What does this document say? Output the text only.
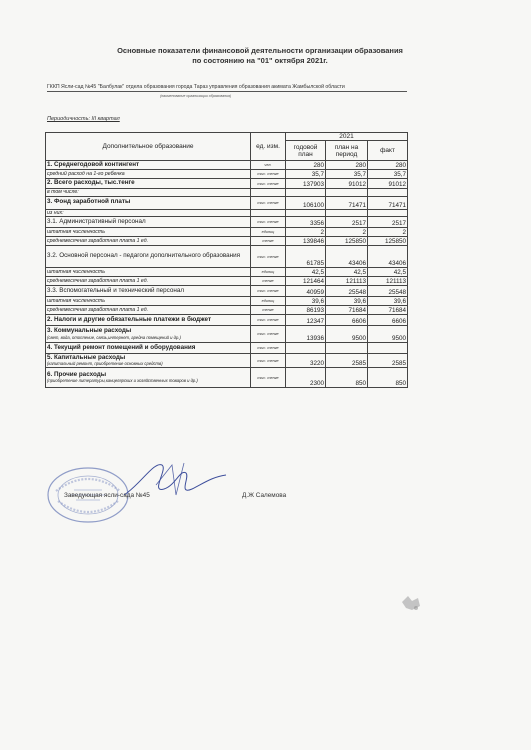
Основные показатели финансовой деятельности организации образования
по состоянию на "01" октября 2021г.
ГККП Ясли-сад №45 "Балбулак" отдела образования города Тараз управления образования акимата Жамбылской области
(наименование организации образования)
Периодичность: III квартал
Дополнительное образование	ед. изм.	2021		
		годовой план	план на период	факт
1. Среднегодовой контингент	чел.	280	280	280
средний расход на 1-го ребенка	тыс. тенге	35,7	35,7	35,7
2. Всего расходы, тыс.тенге	тыс. тенге	137903	91012	91012
в том числе:				
3. Фонд заработной платы	тыс. тенге	106100	71471	71471
из них:				
3.1. Административный персонал	тыс. тенге	3356	2517	2517
штатная численность	единиц	2	2	2
среднемесячная заработная плата 1 ед.	тенге	139846	125850	125850
3.2. Основной персонал - педагоги дополнительного образования	тыс. тенге	61785	43406	43406
штатная численность	единиц	42,5	42,5	42,5
среднемесячная заработная плата 1 ед.	тенге	121464	121113	121113
3.3. Вспомогательный и технический персонал	тыс. тенге	40959	25548	25548
штатная численность	единиц	39,6	39,6	39,6
среднемесячная заработная плата 1 ед.	тенге	86193	71684	71684
2. Налоги и другие обязательные платежи в бюджет	тыс. тенге	12347	6606	6606
3. Коммунальные расходы
(свет, вода, отопление, связь,интернет, аредна помещений и др.)	тыс. тенге	13936	9500	9500
4. Текущий ремонт помещений и оборудования	тыс. тенге			
5. Капитальные расходы
(капитальный ремонт, приобретение основных средств)	тыс. тенге	3220	2585	2585
6. Прочие расходы
(приобретение литературы,канцелярских и хозяйственных товаров и др.)	тыс. тенге	2300	850	850
Заведующая ясли-сада №45	Д.Ж Салемова
